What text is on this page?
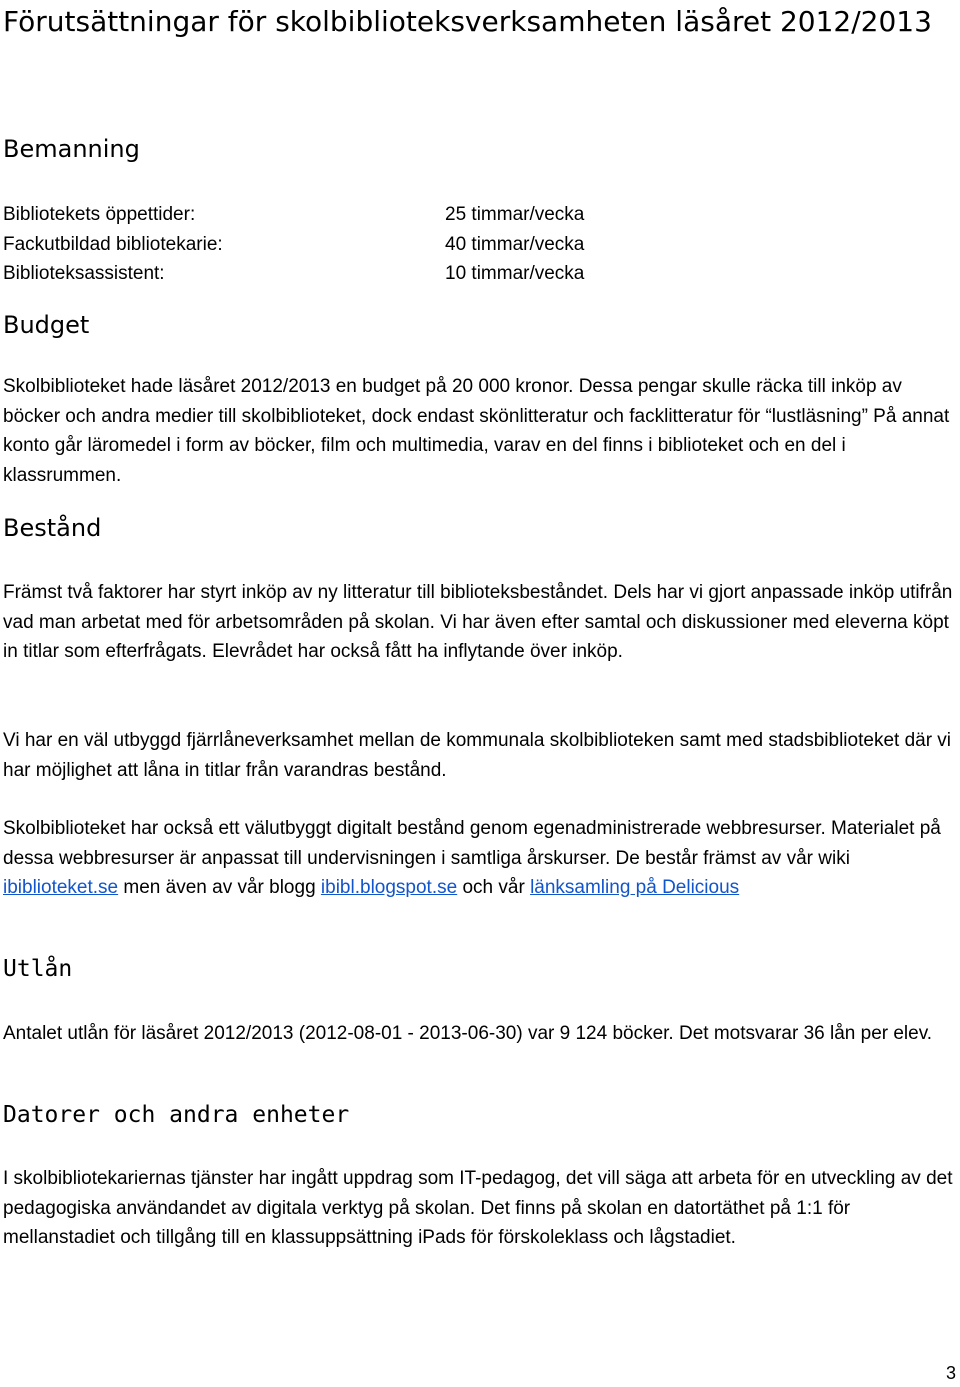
Förutsättningar för skolbiblioteksverksamheten läsåret 2012/2013
Bemanning
Bibliotekets öppettider:	25 timmar/vecka
Fackutbildad bibliotekarie:	40 timmar/vecka
Biblioteksassistent:	10 timmar/vecka
Budget

Skolbiblioteket hade läsåret 2012/2013 en budget på 20 000 kronor. Dessa pengar skulle räcka till inköp av böcker och andra medier till skolbiblioteket, dock endast skönlitteratur och facklitteratur för “lustläsning” På annat konto går läromedel i form av böcker, film och multimedia, varav en del finns i biblioteket och en del i klassrummen.

Bestånd

Främst två faktorer har styrt inköp av ny litteratur till biblioteksbeståndet. Dels har vi gjort anpassade inköp utifrån vad man arbetat med för arbetsområden på skolan. Vi har även efter samtal och diskussioner med eleverna köpt in titlar som efterfrågats. Elevrådet har också fått ha inflytande över inköp.

Vi har en väl utbyggd fjärrlåneverksamhet mellan de kommunala skolbiblioteken samt med stadsbiblioteket där vi har möjlighet att låna in titlar från varandras bestånd.

Skolbiblioteket har också ett välutbyggt digitalt bestånd genom egenadministrerade webbresurser. Materialet på dessa webbresurser är anpassat till undervisningen i samtliga årskurser. De består främst av vår wiki ibiblioteket.se men även av vår blogg ibibl.blogspot.se och vår länksamling på Delicious

Utlån

Antalet utlån för läsåret 2012/2013 (2012-08-01 - 2013-06-30) var 9 124 böcker. Det motsvarar 36 lån per elev.

Datorer och andra enheter

I skolbibliotekariernas tjänster har ingått uppdrag som IT-pedagog, det vill säga att arbeta för en utveckling av det pedagogiska användandet av digitala verktyg på skolan. Det finns på skolan en datortäthet på 1:1 för mellanstadiet och tillgång till en klassuppsättning iPads för förskoleklass och lågstadiet.

3
